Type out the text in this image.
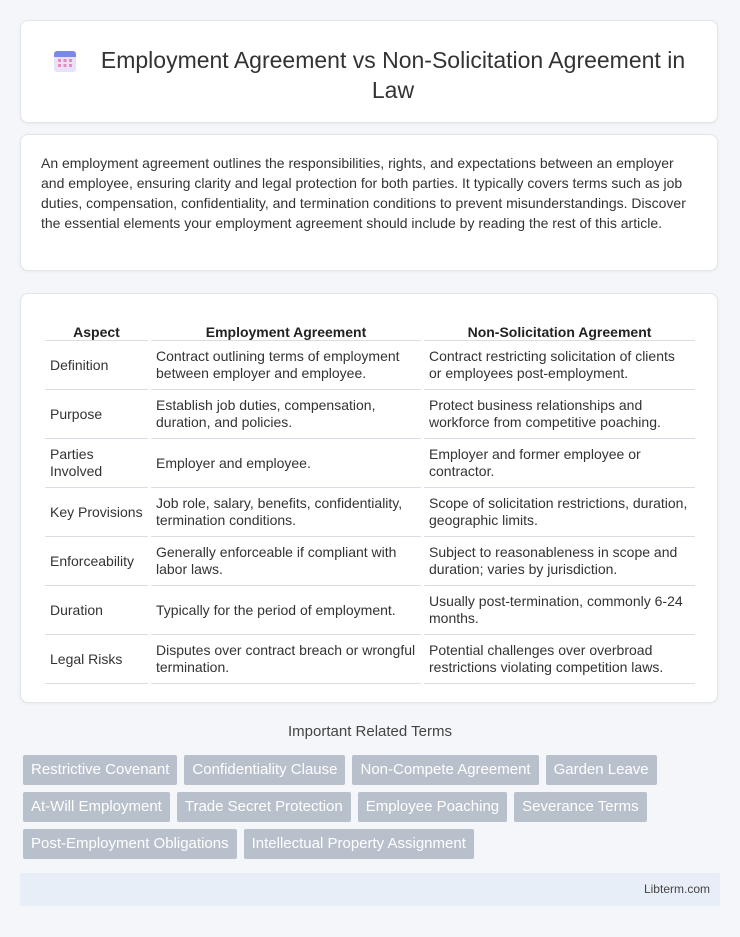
Employment Agreement vs Non-Solicitation Agreement in Law
An employment agreement outlines the responsibilities, rights, and expectations between an employer and employee, ensuring clarity and legal protection for both parties. It typically covers terms such as job duties, compensation, confidentiality, and termination conditions to prevent misunderstandings. Discover the essential elements your employment agreement should include by reading the rest of this article.
Aspect	Employment Agreement	Non-Solicitation Agreement
Definition	Contract outlining terms of employment between employer and employee.	Contract restricting solicitation of clients or employees post-employment.
Purpose	Establish job duties, compensation, duration, and policies.	Protect business relationships and workforce from competitive poaching.
Parties Involved	Employer and employee.	Employer and former employee or contractor.
Key Provisions	Job role, salary, benefits, confidentiality, termination conditions.	Scope of solicitation restrictions, duration, geographic limits.
Enforceability	Generally enforceable if compliant with labor laws.	Subject to reasonableness in scope and duration; varies by jurisdiction.
Duration	Typically for the period of employment.	Usually post-termination, commonly 6-24 months.
Legal Risks	Disputes over contract breach or wrongful termination.	Potential challenges over overbroad restrictions violating competition laws.
Important Related Terms
Restrictive Covenant	Confidentiality Clause	Non-Compete Agreement	Garden Leave
At-Will Employment	Trade Secret Protection	Employee Poaching	Severance Terms
Post-Employment Obligations	Intellectual Property Assignment
Libterm.com
